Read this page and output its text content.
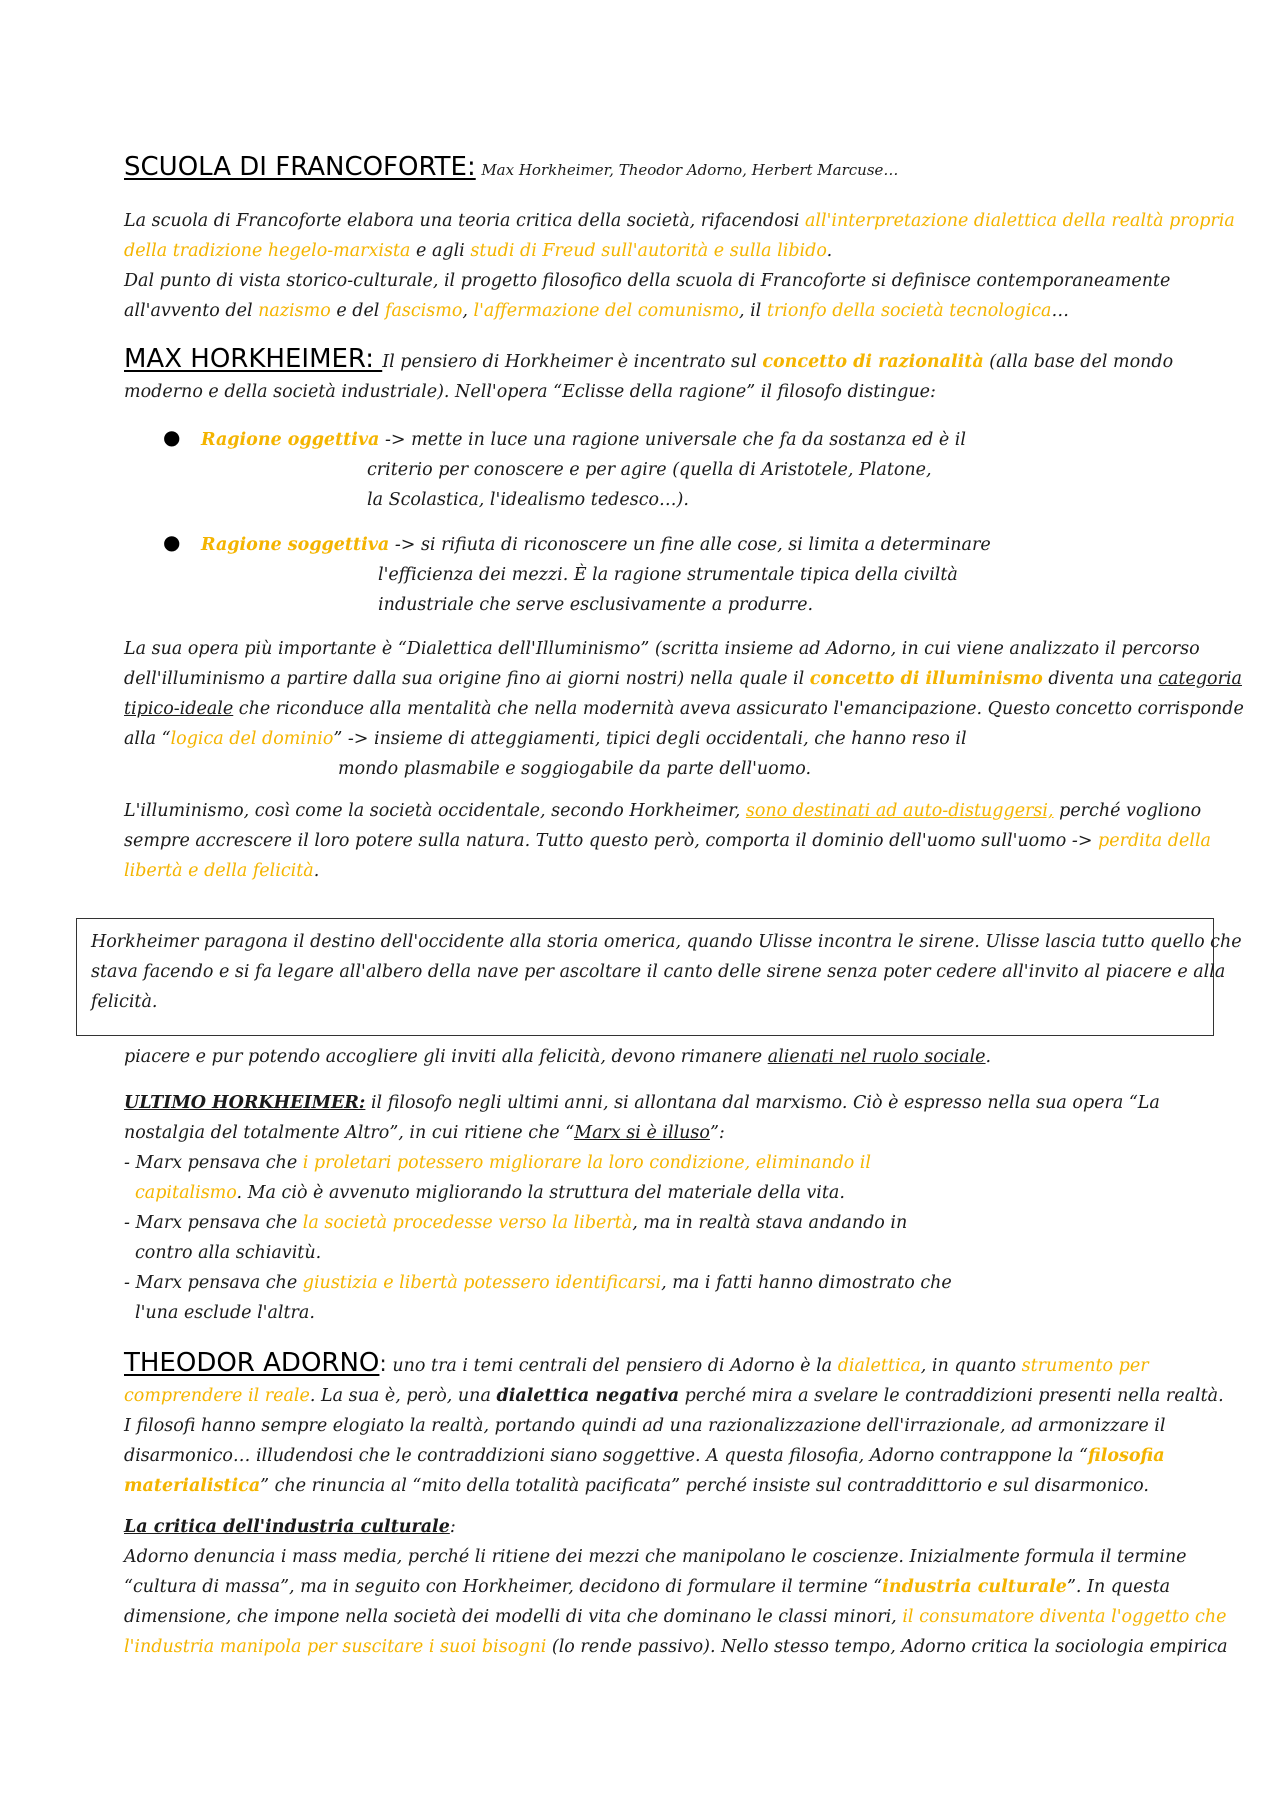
SCUOLA DI FRANCOFORTE: Max Horkheimer, Theodor Adorno, Herbert Marcuse…
La scuola di Francoforte elabora una teoria critica della società, rifacendosi all'interpretazione dialettica della realtà propria
della tradizione hegelo-marxista e agli studi di Freud sull'autorità e sulla libido.
Dal punto di vista storico-culturale, il progetto filosofico della scuola di Francoforte si definisce contemporaneamente
all'avvento del nazismo e del fascismo, l'affermazione del comunismo, il trionfo della società tecnologica…
MAX HORKHEIMER: Il pensiero di Horkheimer è incentrato sul concetto di razionalità (alla base del mondo
moderno e della società industriale). Nell'opera “Eclisse della ragione” il filosofo distingue:
● Ragione oggettiva -> mette in luce una ragione universale che fa da sostanza ed è il
criterio per conoscere e per agire (quella di Aristotele, Platone,
la Scolastica, l'idealismo tedesco…).
● Ragione soggettiva -> si rifiuta di riconoscere un fine alle cose, si limita a determinare
l'efficienza dei mezzi. È la ragione strumentale tipica della civiltà
industriale che serve esclusivamente a produrre.
La sua opera più importante è “Dialettica dell'Illuminismo” (scritta insieme ad Adorno, in cui viene analizzato il percorso
dell'illuminismo a partire dalla sua origine fino ai giorni nostri) nella quale il concetto di illuminismo diventa una categoria
tipico-ideale che riconduce alla mentalità che nella modernità aveva assicurato l'emancipazione. Questo concetto corrisponde
alla “logica del dominio” -> insieme di atteggiamenti, tipici degli occidentali, che hanno reso il
mondo plasmabile e soggiogabile da parte dell'uomo.
L'illuminismo, così come la società occidentale, secondo Horkheimer, sono destinati ad auto-distuggersi, perché vogliono
sempre accrescere il loro potere sulla natura. Tutto questo però, comporta il dominio dell'uomo sull'uomo -> perdita della
libertà e della felicità.
Horkheimer paragona il destino dell'occidente alla storia omerica, quando Ulisse incontra le sirene. Ulisse lascia tutto quello che
stava facendo e si fa legare all'albero della nave per ascoltare il canto delle sirene senza poter cedere all'invito al piacere e alla
felicità.
piacere e pur potendo accogliere gli inviti alla felicità, devono rimanere alienati nel ruolo sociale.
ULTIMO HORKHEIMER: il filosofo negli ultimi anni, si allontana dal marxismo. Ciò è espresso nella sua opera “La
nostalgia del totalmente Altro”, in cui ritiene che “Marx si è illuso”:
- Marx pensava che i proletari potessero migliorare la loro condizione, eliminando il
capitalismo. Ma ciò è avvenuto migliorando la struttura del materiale della vita.
- Marx pensava che la società procedesse verso la libertà, ma in realtà stava andando in
contro alla schiavitù.
- Marx pensava che giustizia e libertà potessero identificarsi, ma i fatti hanno dimostrato che
l'una esclude l'altra.
THEODOR ADORNO: uno tra i temi centrali del pensiero di Adorno è la dialettica, in quanto strumento per
comprendere il reale. La sua è, però, una dialettica negativa perché mira a svelare le contraddizioni presenti nella realtà.
I filosofi hanno sempre elogiato la realtà, portando quindi ad una razionalizzazione dell'irrazionale, ad armonizzare il
disarmonico… illudendosi che le contraddizioni siano soggettive. A questa filosofia, Adorno contrappone la “filosofia
materialistica” che rinuncia al “mito della totalità pacificata” perché insiste sul contraddittorio e sul disarmonico.
La critica dell'industria culturale:
Adorno denuncia i mass media, perché li ritiene dei mezzi che manipolano le coscienze. Inizialmente formula il termine
“cultura di massa”, ma in seguito con Horkheimer, decidono di formulare il termine “industria culturale”. In questa
dimensione, che impone nella società dei modelli di vita che dominano le classi minori, il consumatore diventa l'oggetto che
l'industria manipola per suscitare i suoi bisogni (lo rende passivo). Nello stesso tempo, Adorno critica la sociologia empirica
